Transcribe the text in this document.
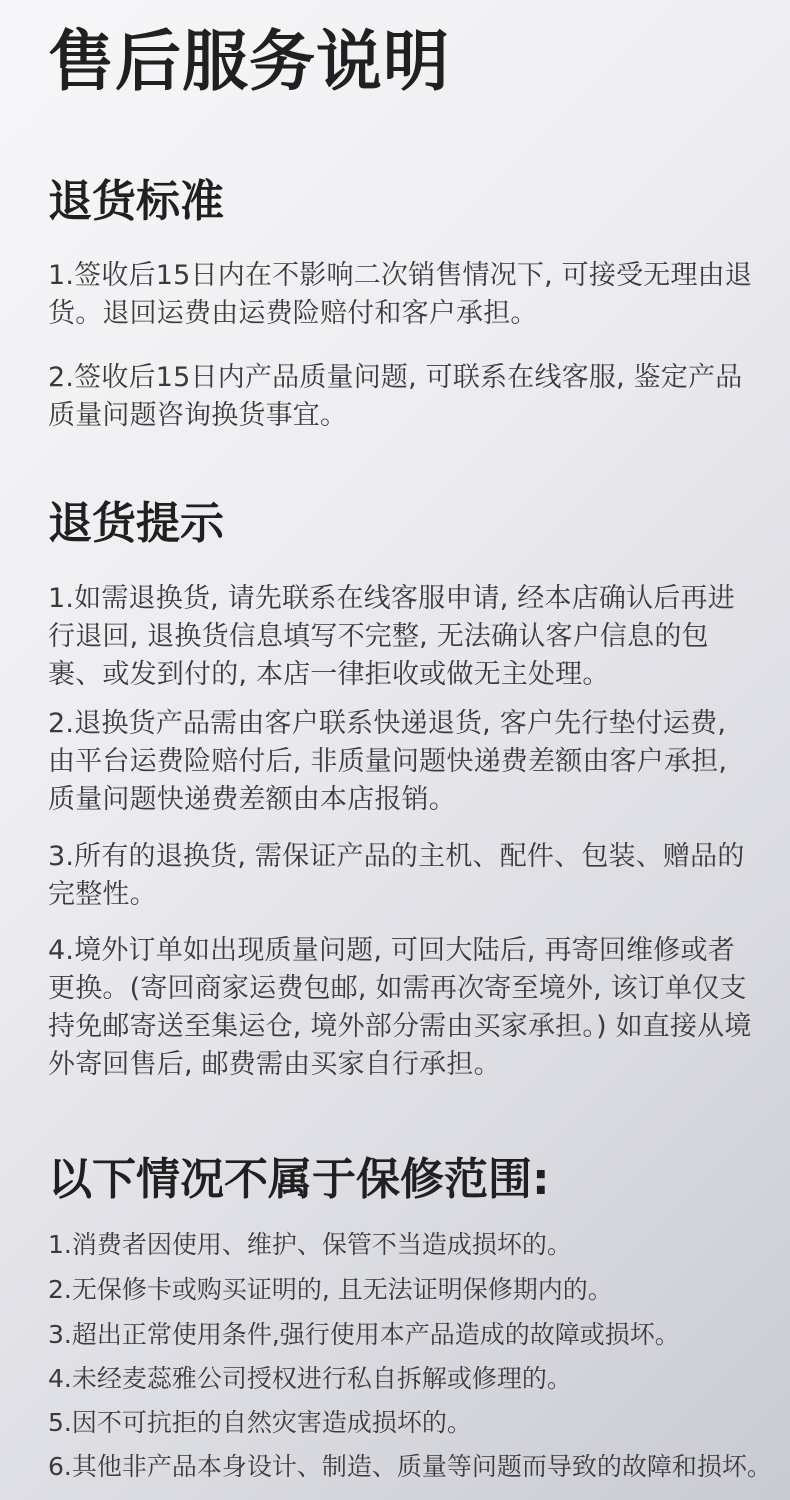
售后服务说明
退货标准

1.签收后15日内在不影响二次销售情况下, 可接受无理由退货。退回运费由运费险赔付和客户承担。

2.签收后15日内产品质量问题, 可联系在线客服, 鉴定产品质量问题咨询换货事宜。

退货提示

1.如需退换货, 请先联系在线客服申请, 经本店确认后再进行退回, 退换货信息填写不完整, 无法确认客户信息的包裹、或发到付的, 本店一律拒收或做无主处理。

2.退换货产品需由客户联系快递退货, 客户先行垫付运费, 由平台运费险赔付后, 非质量问题快递费差额由客户承担, 质量问题快递费差额由本店报销。

3.所有的退换货, 需保证产品的主机、配件、包装、赠品的完整性。

4.境外订单如出现质量问题, 可回大陆后, 再寄回维修或者更换。(寄回商家运费包邮, 如需再次寄至境外, 该订单仅支持免邮寄送至集运仓, 境外部分需由买家承担。) 如直接从境外寄回售后, 邮费需由买家自行承担。

以下情况不属于保修范围:

1.消费者因使用、维护、保管不当造成损坏的。

2.无保修卡或购买证明的, 且无法证明保修期内的。

3.超出正常使用条件,强行使用本产品造成的故障或损坏。

4.未经麦蕊雅公司授权进行私自拆解或修理的。

5.因不可抗拒的自然灾害造成损坏的。

6.其他非产品本身设计、制造、质量等问题而导致的故障和损坏。
